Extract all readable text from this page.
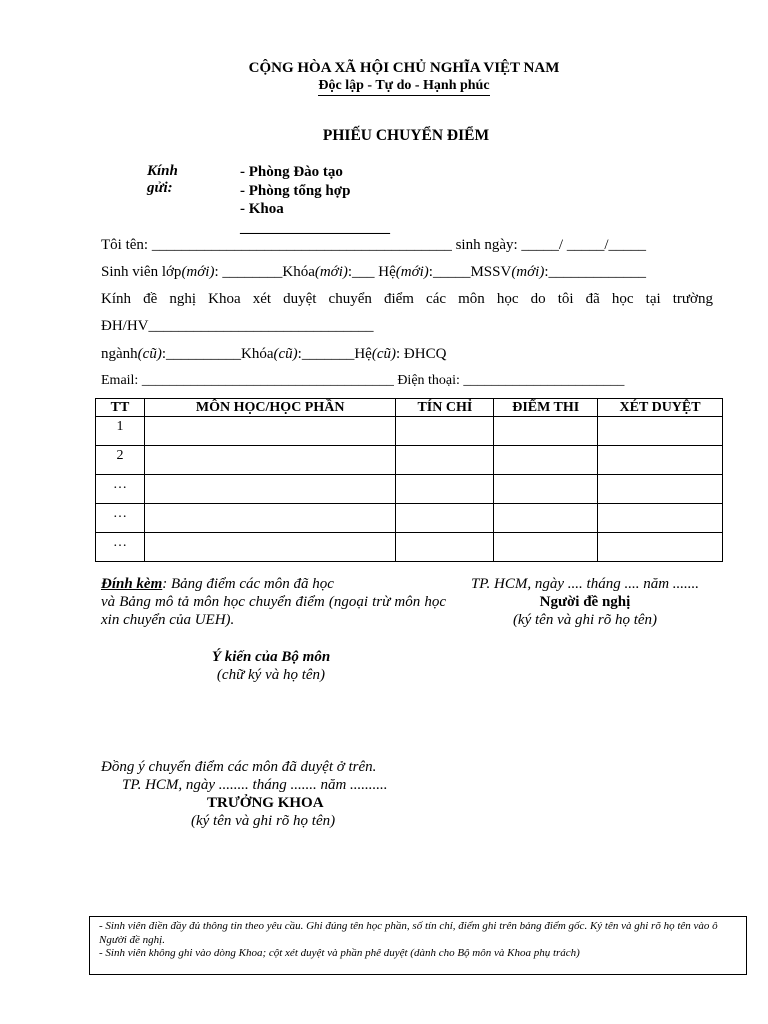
CỘNG HÒA XÃ HỘI CHỦ NGHĨA VIỆT NAM
Độc lập - Tự do - Hạnh phúc
PHIẾU CHUYỂN ĐIỂM
Kính gửi:
- Phòng Đào tạo
- Phòng tổng hợp
- Khoa ____________________
Tôi tên: ________________________________________ sinh ngày: _____/ _____/_____
Sinh viên lớp(mới): ________Khóa(mới):___ Hệ(mới):_____MSSV(mới):_____________
Kính đề nghị Khoa xét duyệt chuyển điểm các môn học do tôi đã học tại trường
ĐH/HV______________________________
ngành(cũ):__________Khóa(cũ):_______Hệ(cũ): ĐHCQ
Email: ____________________________________ Điện thoại: _______________________
TT	MÔN HỌC/HỌC PHẦN	TÍN CHỈ	ĐIỂM THI	XÉT DUYỆT
1				
2				
…				
…				
…				
Đính kèm: Bảng điểm các môn đã học
và Bảng mô tả môn học chuyển điểm (ngoại trừ môn học xin chuyển của UEH).
TP. HCM, ngày .... tháng .... năm .......
Người đề nghị
(ký tên và ghi rõ họ tên)
Ý kiến của Bộ môn
(chữ ký và họ tên)
Đồng ý chuyển điểm các môn đã duyệt ở trên.
TP. HCM, ngày ........ tháng ....... năm ..........
TRƯỞNG KHOA
(ký tên và ghi rõ họ tên)
- Sinh viên điền đầy đủ thông tin theo yêu cầu. Ghi đúng tên học phần, số tín chỉ, điểm ghi trên bảng điểm gốc. Ký tên và ghi rõ họ tên vào ô Người đề nghị.
- Sinh viên không ghi vào dòng Khoa; cột xét duyệt và phần phê duyệt (dành cho Bộ môn và Khoa phụ trách)
